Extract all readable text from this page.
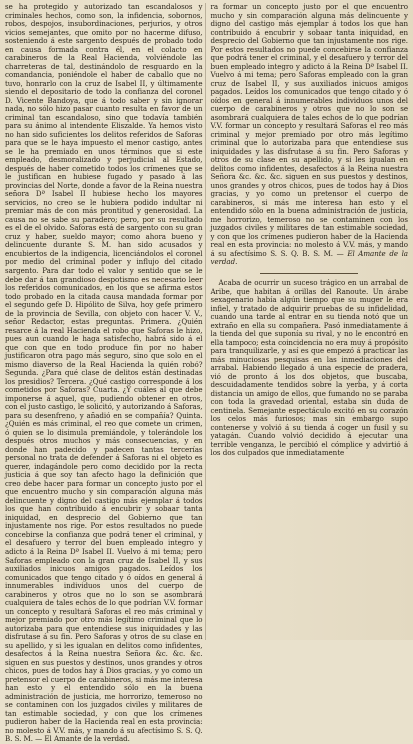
se ha protegido y autorizado tan escandalosos y criminales hechos, como son, la infidencia, sobornos, robos, despojos, insubordinaciones, perjurios, y otros vicios semejantes, que omito por no hacerme difuso, sosteniendo á este sargento después de probado todo en causa formada contra él, en el colacto en carabineros de la Real Hacienda, volviéndole las charreteras de tal, destinándolo de resguardo en la comandancia, poniéndole el haber de caballo que no tuvo, honrarlo con la cruz de Isabel II, y últimamente siendo el depositario de todo la confianza del coronel D. Vicente Bandoya, que á todo saber y sin ignorar nada, no sólo hizo pasar cuanto resulta en favor de un criminal tan escandaloso, sino que todavía también para su ánimo al intendente Eliszalde. Ya hemos visto no han sido suficientes los delitos referidos de Saforas para que se le haya impuesto el menor castigo, antes se le ha premiado en unos términos que si este empleado, desmoralizado y perjudicial al Estado, después de haber cometido todos los crímenes que se le justifican en hubiese fugado y pasado á las provincias del Norte, donde a favor de la Reina nuestra señora Dª Isabel II hubiese hecho los mayores servicios, no creo se le hubiera podido indultar ni premiar más de con más prontitud y generosidad. La causa no se sabe su paradero; pero, por su resultado es el de el olvido. Saforas está de sargento con su gran cruz y haber, sueldo mayor; como ahora bueno y delincuente durante S. M. han sido acusados y encubiertos de la indigencia, licenciándolos el coronel por medio del criminal poder y influjo del citado sargento. Para dar todo el valor y sentido que se le debe dar á tan grandioso despotismo es necesario leer los referidos comunicados, en los que se afirma estos todo probado en la citada causa mandada formar por el segundo gefe D. Hipólito de Silva, hoy gefe primero de la provincia de Sevilla, con objeto con hacer V. V., señor Redactor, estas preguntas. Primera. ¿Quién resarce á la real Hacienda el robo que Saforas le hizo, pues aun cuando le haga satisfecho, habrá sido á el que con que en todo produce fin por no haber justificaron otra pago más seguro, sino que solo en el mismo diaverso de la Real Hacienda la quién robó? Segunda. ¿Para qué clase de delitos están destinadas los presidios? Tercera. ¿Qué castigo corresponde á los cometidos por Saforas? Cuarta. ¿Y cuáles al que debe imponerse á aquel, que, pudiendo obtener en otros, con el justo castigo, le solicitó, y autorizando á Saforas, para su desenfreno, y añadió en se compañía? Quinta. ¿Quién es más criminal, el reo que comete un crimen, ó quien se lo disimula premiándole, y tolerándole los después otros muchos y más consecuencias, y en donde han padecido y padecen tantas tercerías personal no trata de defender á Saforas ni el objeto es querer, indagándole pero como decidido por la recta justicia á que soy tan afecto hago la definición que creo debe hacer para formar un concepto justo por el que encuentro mucho y sin comparación alguna más delincuente y digno del castigo más ejemplar á todos los que han contribuido á encubrir y sobaar tanta iniquidad, en desprecio del Gobierno que tan injustamente nos rige. Por estos resultados no puede concebirse la confianza que podrá tener el criminal, y el desafuero y terror del buen empleado integro y adicto á la Reina Dª Isabel II. Vuelvo á mi tema; pero Saforas empleado con la gran cruz de Isabel II, y sus auxiliados inicuos amigos pagados. Leídos los comunicados que tengo citado y ó oídos en general á innumerables individuos unos del cuerpo de carabineros y otros que no lo son se asombrará cualquiera de tales echos de lo que podrían V.V. formar un concepto y resultará Saforas el reo más criminal y mejor premiado por otro más legítimo criminal que lo autorizaba para que entendiese sus iniquidades y las disfrutase á su fin. Pero Saforas y otros de su clase en su apellido, y si les igualan en delitos como infidentes, desafectos á la Reina nuestra Señora &c. &c. &c. siguen en sus puestos y destinos, unos grandes y otros chicos, pues de todos hay á Dios gracias, y yo como un pretensor el cuerpo de carabineros, si más me interesa han esto y el entendido sólo en la buena administración de justicia, me horrorizo, temeroso no se contaminen con los juzgados civiles y militares de tan estimable sociedad, y con que los crímenes pudieron haber de la Hacienda real en esta provincia: no molesto á V.V. más, y mando á su afectísimo S. S. Q. B. S. M. — El Amante de la verdad.

ra formar un concepto justo por el que encuentro mucho y sin comparación alguna más delincuente y digno del castigo más ejemplar á todos los que han contribuido á encubrir y sobaar tanta iniquidad, en desprecio del Gobierno que tan injustamente nos rige. Por estos resultados no puede concebirse la confianza que podrá tener el criminal, y el desafuero y terror del buen empleado integro y adicto á la Reina Dª Isabel II. Vuelvo á mi tema; pero Saforas empleado con la gran cruz de Isabel II, y sus auxiliados inicuos amigos pagados. Leídos los comunicados que tengo citado y ó oídos en general á innumerables individuos unos del cuerpo de carabineros y otros que no lo son se asombrará cualquiera de tales echos de lo que podrían V.V. formar un concepto y resultará Saforas el reo más criminal y mejor premiado por otro más legítimo criminal que lo autorizaba para que entendiese sus iniquidades y las disfrutase á su fin. Pero Saforas y otros de su clase en su apellido, y si les igualan en delitos como infidentes, desafectos á la Reina nuestra Señora &c. &c. &c. siguen en sus puestos y destinos, unos grandes y otros chicos, pues de todos hay á Dios gracias, y yo como un pretensor el cuerpo de carabineros, si más me interesa han esto y el entendido sólo en la buena administración de justicia, me horrorizo, temeroso no se contaminen con los juzgados civiles y militares de tan estimable sociedad, y con que los crímenes pudieron haber de la Hacienda real en esta provincia: no molesto á V.V. más, y mando á su afectísimo S. S. Q. B. S. M. — El Amante de la verdad.

Acaba de ocurrir un suceso trágico en un arrabal de Aribe, que habitan á orillas del Ranoute. Un árabe sexagenario había algún tiempo que su muger le era infiel, y tratado de adquirir pruebas de su infidelidad, cuando una tarde al entrar en su tienda notó que un extraño en ella su compañera. Pasó inmediatamente á la tienda del que suponía su rival, y no le encontró en ella tampoco; esta coincidencia no era muy á propósito para tranquilizarle, y así es que empezó á practicar las más minuciosas pesquisas en las inmediaciones del arrabal. Habiendo llegado á una especie de pradera, vió de pronto á los dos objetos, que buscaba, descuidadamente tendidos sobre la yerba, y á corta distancia un amigo de ellos, que fumando no se paraba con toda la gravedad oriental, estaba sin duda de centinela. Semejante espectáculo excitó en su corazón los celos más furiosos; mas sin embargo supo contenerse y volvió á su tienda á coger un fusil y su yatagán. Cuando volvió decidido á ejecutar una terrible venganza, le percibió el cómplice y advirtió á los dos culpados que inmediatamente
